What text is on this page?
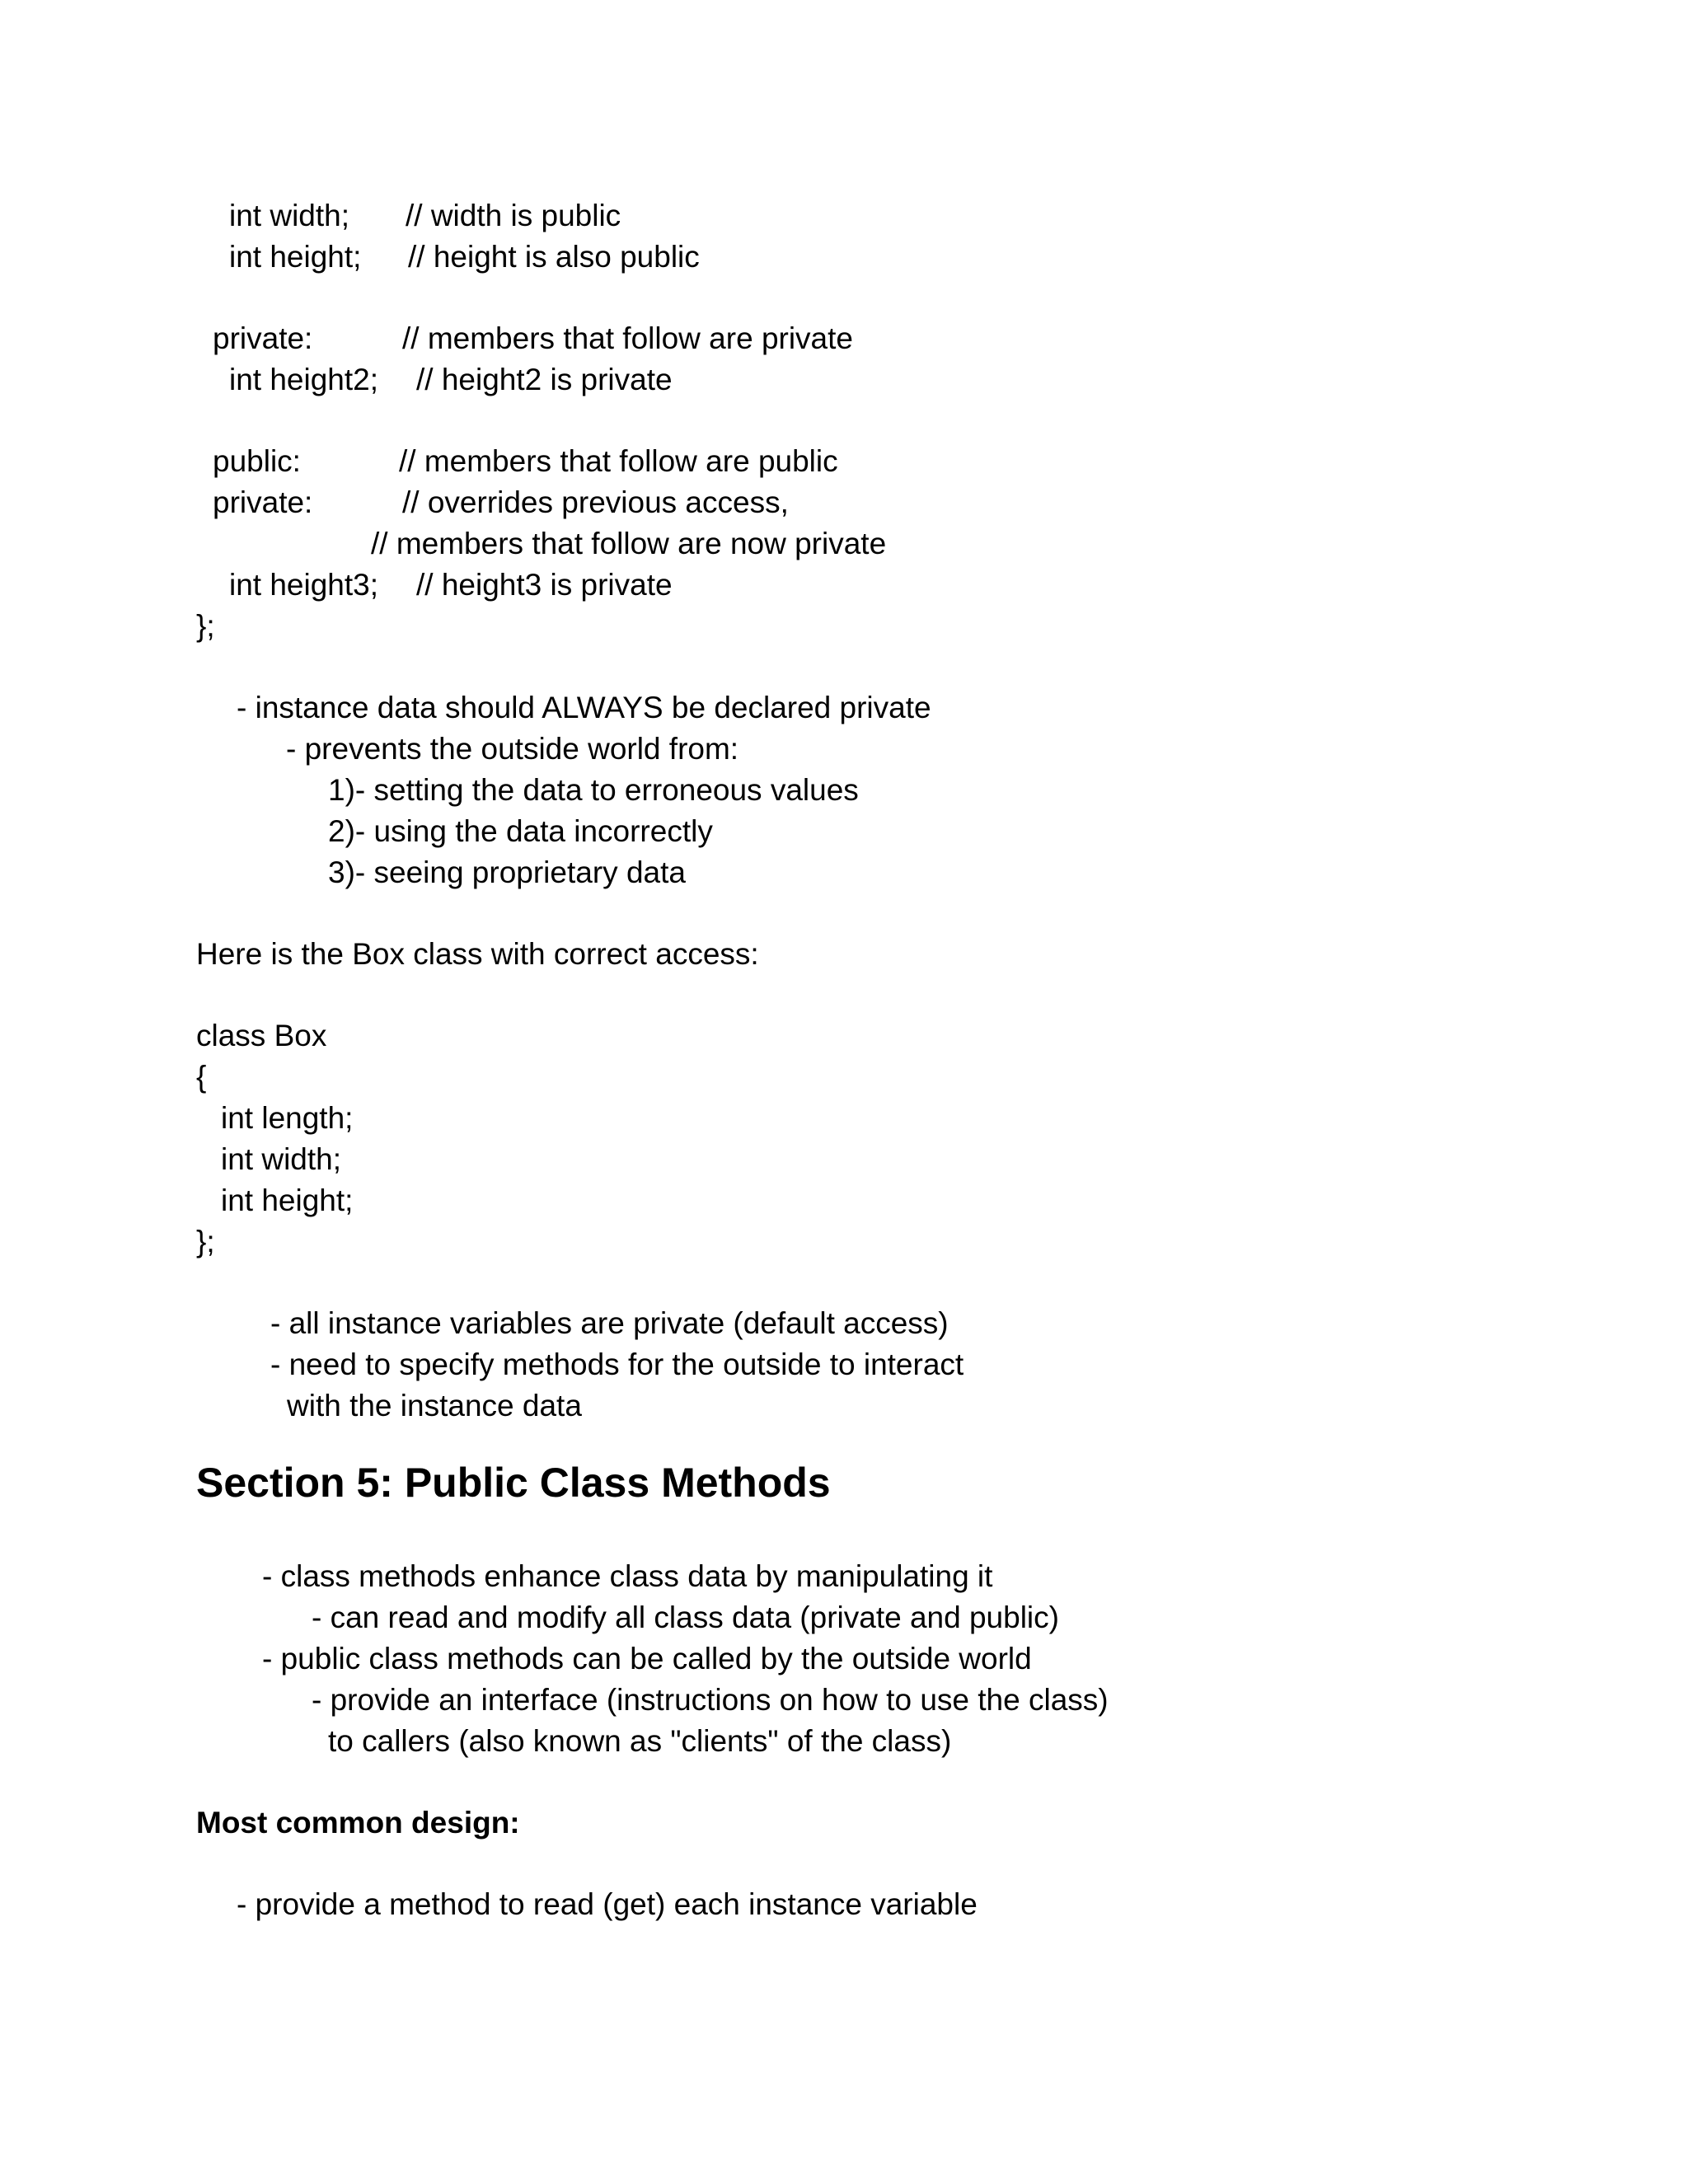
int width; // width is public
int height; // height is also public
private:	// members that follow are private
int height2; // height2 is private
public:	// members that follow are public
private:	// overrides previous access,
// members that follow are now private
int height3; // height3 is private
};
- instance data should ALWAYS be declared private
- prevents the outside world from:
1)- setting the data to erroneous values
2)- using the data incorrectly
3)- seeing proprietary data
Here is the Box class with correct access:
class Box
{
int length;
int width;
int height;
};
- all instance variables are private (default access)
- need to specify methods for the outside to interact
with the instance data
Section 5: Public Class Methods
- class methods enhance class data by manipulating it
- can read and modify all class data (private and public)
- public class methods can be called by the outside world
- provide an interface (instructions on how to use the class)
to callers (also known as "clients" of the class)
Most common design:
- provide a method to read (get) each instance variable
